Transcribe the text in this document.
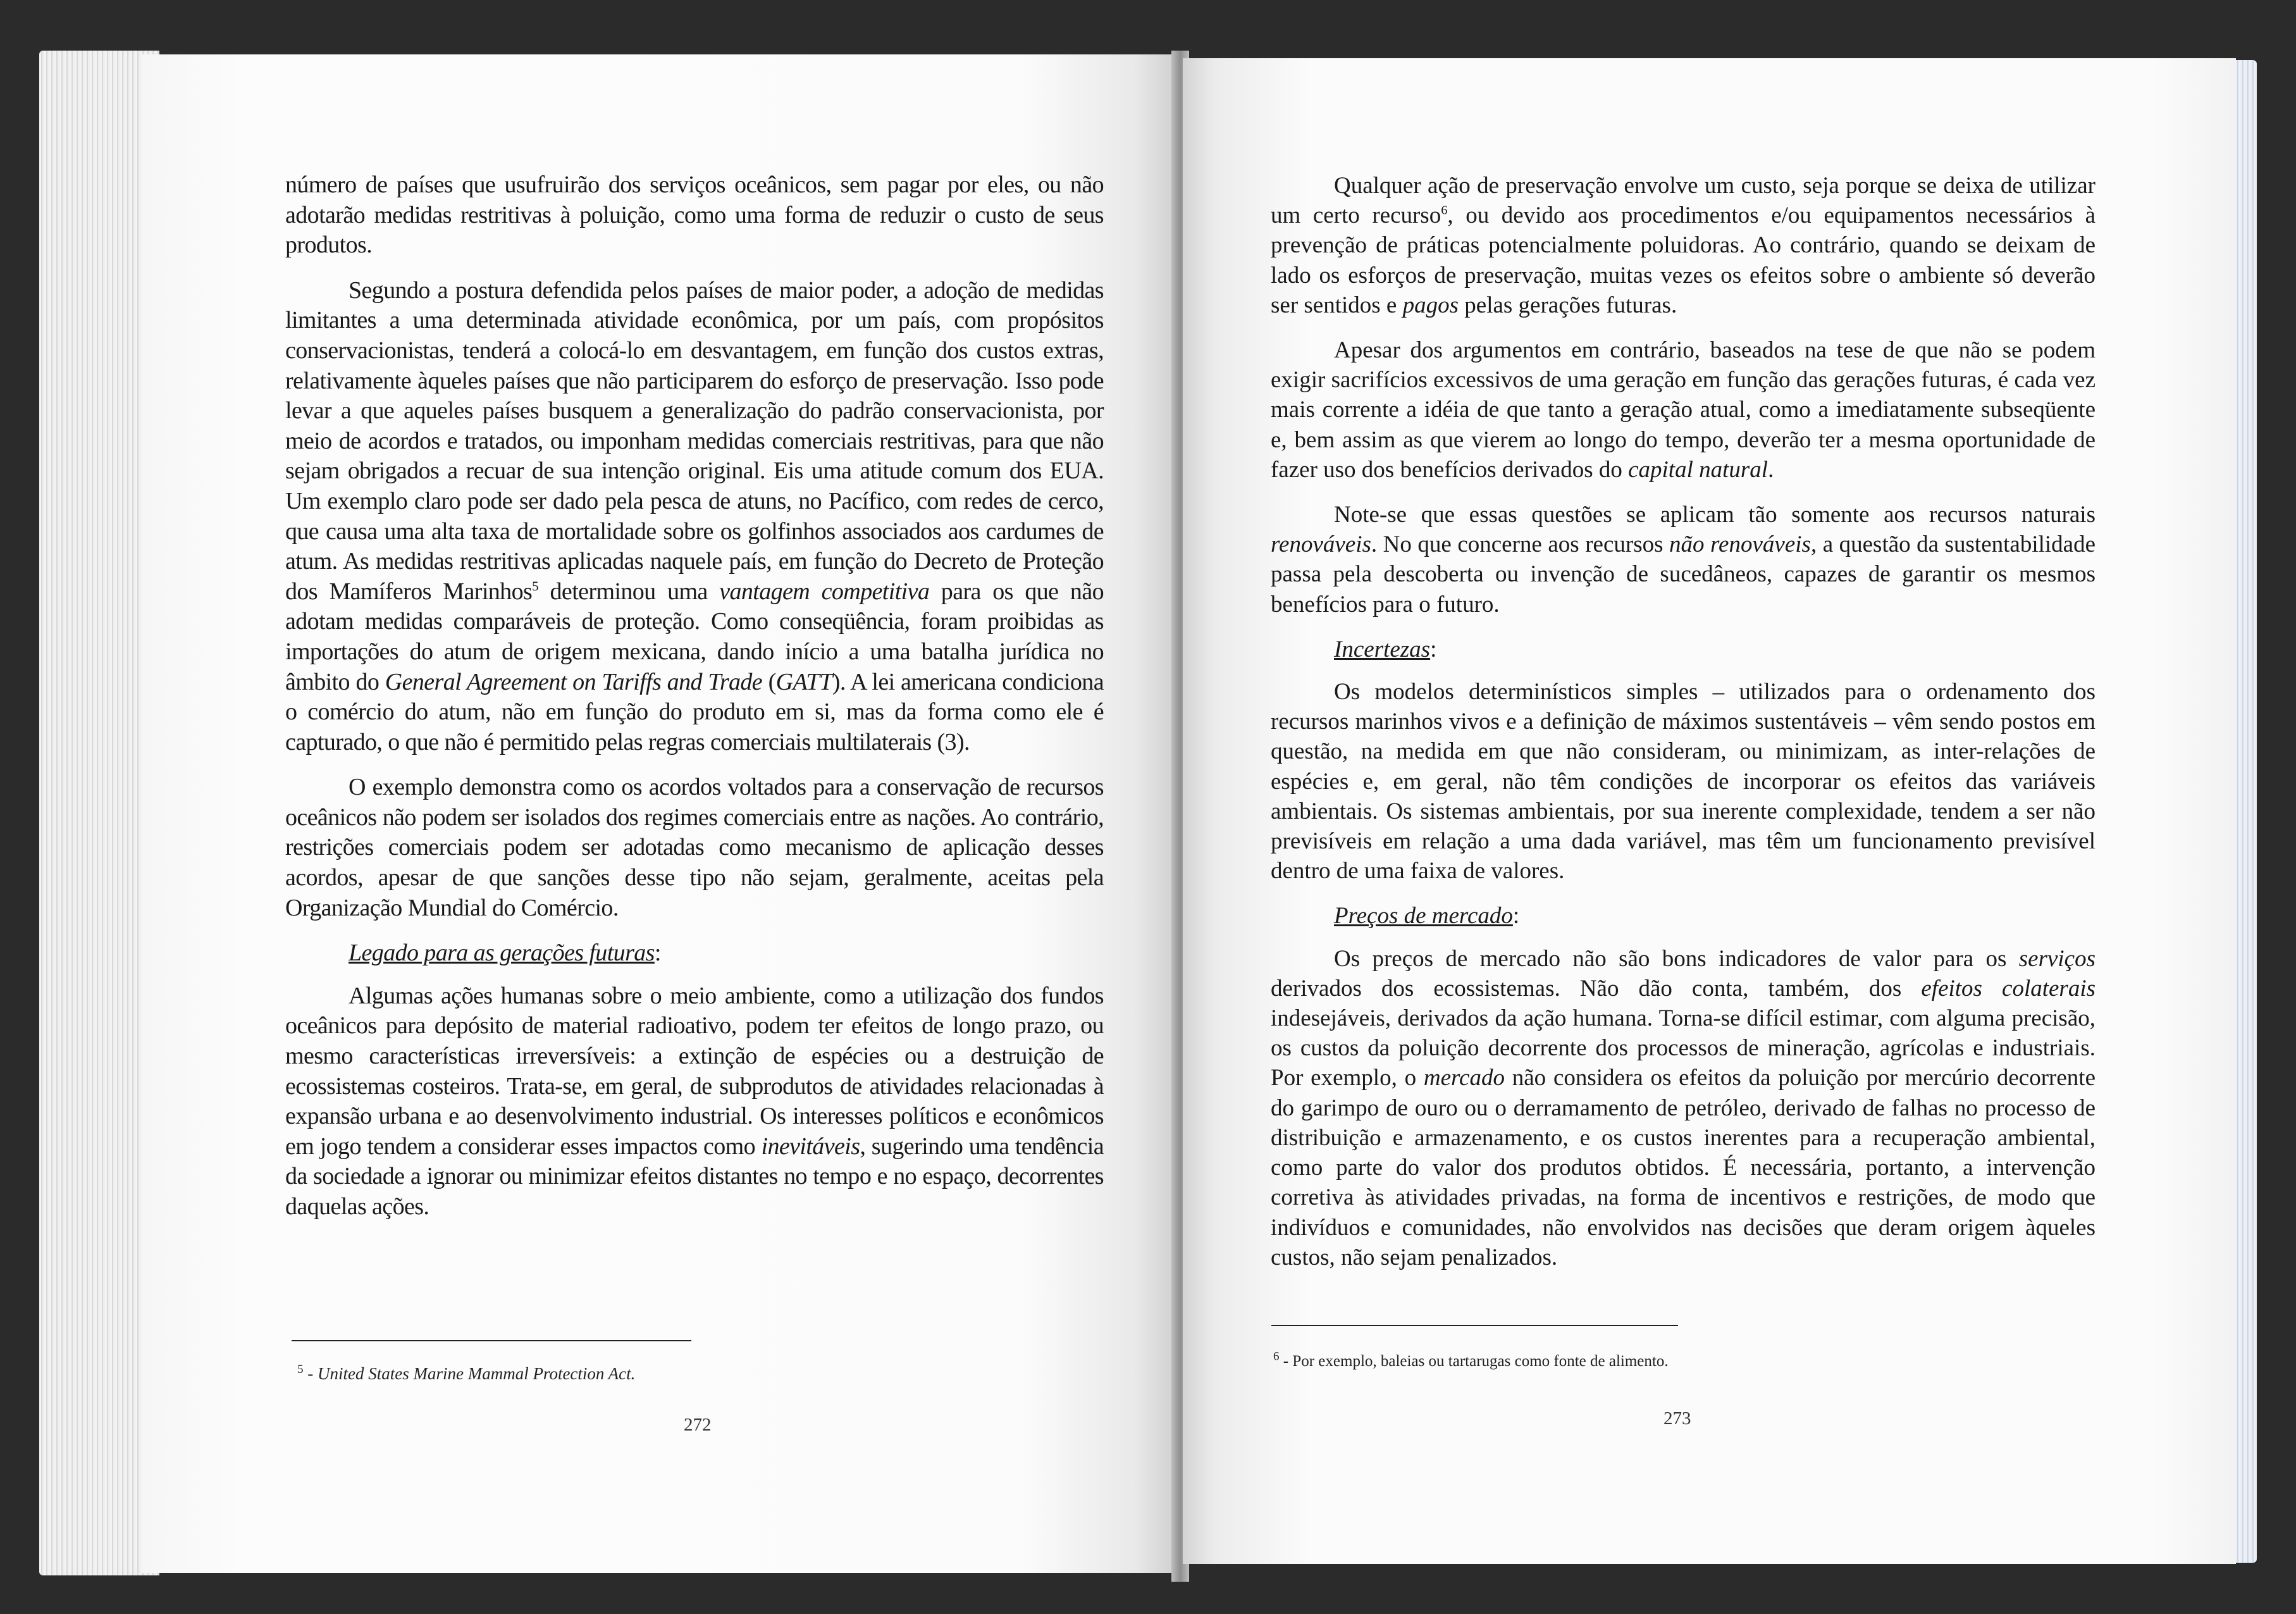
número de países que usufruirão dos serviços oceânicos, sem pagar por eles, ou não adotarão medidas restritivas à poluição, como uma forma de reduzir o custo de seus produtos.

Segundo a postura defendida pelos países de maior poder, a adoção de medidas limitantes a uma determinada atividade econômica, por um país, com propósitos conservacionistas, tenderá a colocá-lo em desvantagem, em função dos custos extras, relativamente àqueles países que não participarem do esforço de preservação. Isso pode levar a que aqueles países busquem a generalização do padrão conservacionista, por meio de acordos e tratados, ou imponham medidas comerciais restritivas, para que não sejam obrigados a recuar de sua intenção original. Eis uma atitude comum dos EUA. Um exemplo claro pode ser dado pela pesca de atuns, no Pacífico, com redes de cerco, que causa uma alta taxa de mortalidade sobre os golfinhos associados aos cardumes de atum. As medidas restritivas aplicadas naquele país, em função do Decreto de Proteção dos Mamíferos Marinhos$^5$ determinou uma vantagem competitiva para os que não adotam medidas comparáveis de proteção. Como conseqüência, foram proibidas as importações do atum de origem mexicana, dando início a uma batalha jurídica no âmbito do General Agreement on Tariffs and Trade (GATT). A lei americana condiciona o comércio do atum, não em função do produto em si, mas da forma como ele é capturado, o que não é permitido pelas regras comerciais multilaterais (3).

O exemplo demonstra como os acordos voltados para a conservação de recursos oceânicos não podem ser isolados dos regimes comerciais entre as nações. Ao contrário, restrições comerciais podem ser adotadas como mecanismo de aplicação desses acordos, apesar de que sanções desse tipo não sejam, geralmente, aceitas pela Organização Mundial do Comércio.

Legado para as gerações futuras:

Algumas ações humanas sobre o meio ambiente, como a utilização dos fundos oceânicos para depósito de material radioativo, podem ter efeitos de longo prazo, ou mesmo características irreversíveis: a extinção de espécies ou a destruição de ecossistemas costeiros. Trata-se, em geral, de subprodutos de atividades relacionadas à expansão urbana e ao desenvolvimento industrial. Os interesses políticos e econômicos em jogo tendem a considerar esses impactos como inevitáveis, sugerindo uma tendência da sociedade a ignorar ou minimizar efeitos distantes no tempo e no espaço, decorrentes daquelas ações.

$^5$ - United States Marine Mammal Protection Act.
272

Qualquer ação de preservação envolve um custo, seja porque se deixa de utilizar um certo recurso$^6$, ou devido aos procedimentos e/ou equipamentos necessários à prevenção de práticas potencialmente poluidoras. Ao contrário, quando se deixam de lado os esforços de preservação, muitas vezes os efeitos sobre o ambiente só deverão ser sentidos e pagos pelas gerações futuras.

Apesar dos argumentos em contrário, baseados na tese de que não se podem exigir sacrifícios excessivos de uma geração em função das gerações futuras, é cada vez mais corrente a idéia de que tanto a geração atual, como a imediatamente subseqüente e, bem assim as que vierem ao longo do tempo, deverão ter a mesma oportunidade de fazer uso dos benefícios derivados do capital natural.

Note-se que essas questões se aplicam tão somente aos recursos naturais renováveis. No que concerne aos recursos não renováveis, a questão da sustentabilidade passa pela descoberta ou invenção de sucedâneos, capazes de garantir os mesmos benefícios para o futuro.

Incertezas:

Os modelos determinísticos simples – utilizados para o ordenamento dos recursos marinhos vivos e a definição de máximos sustentáveis – vêm sendo postos em questão, na medida em que não consideram, ou minimizam, as inter-relações de espécies e, em geral, não têm condições de incorporar os efeitos das variáveis ambientais. Os sistemas ambientais, por sua inerente complexidade, tendem a ser não previsíveis em relação a uma dada variável, mas têm um funcionamento previsível dentro de uma faixa de valores.

Preços de mercado:

Os preços de mercado não são bons indicadores de valor para os serviços derivados dos ecossistemas. Não dão conta, também, dos efeitos colaterais indesejáveis, derivados da ação humana. Torna-se difícil estimar, com alguma precisão, os custos da poluição decorrente dos processos de mineração, agrícolas e industriais. Por exemplo, o mercado não considera os efeitos da poluição por mercúrio decorrente do garimpo de ouro ou o derramamento de petróleo, derivado de falhas no processo de distribuição e armazenamento, e os custos inerentes para a recuperação ambiental, como parte do valor dos produtos obtidos. É necessária, portanto, a intervenção corretiva às atividades privadas, na forma de incentivos e restrições, de modo que indivíduos e comunidades, não envolvidos nas decisões que deram origem àqueles custos, não sejam penalizados.

$^6$ - Por exemplo, baleias ou tartarugas como fonte de alimento.
273
